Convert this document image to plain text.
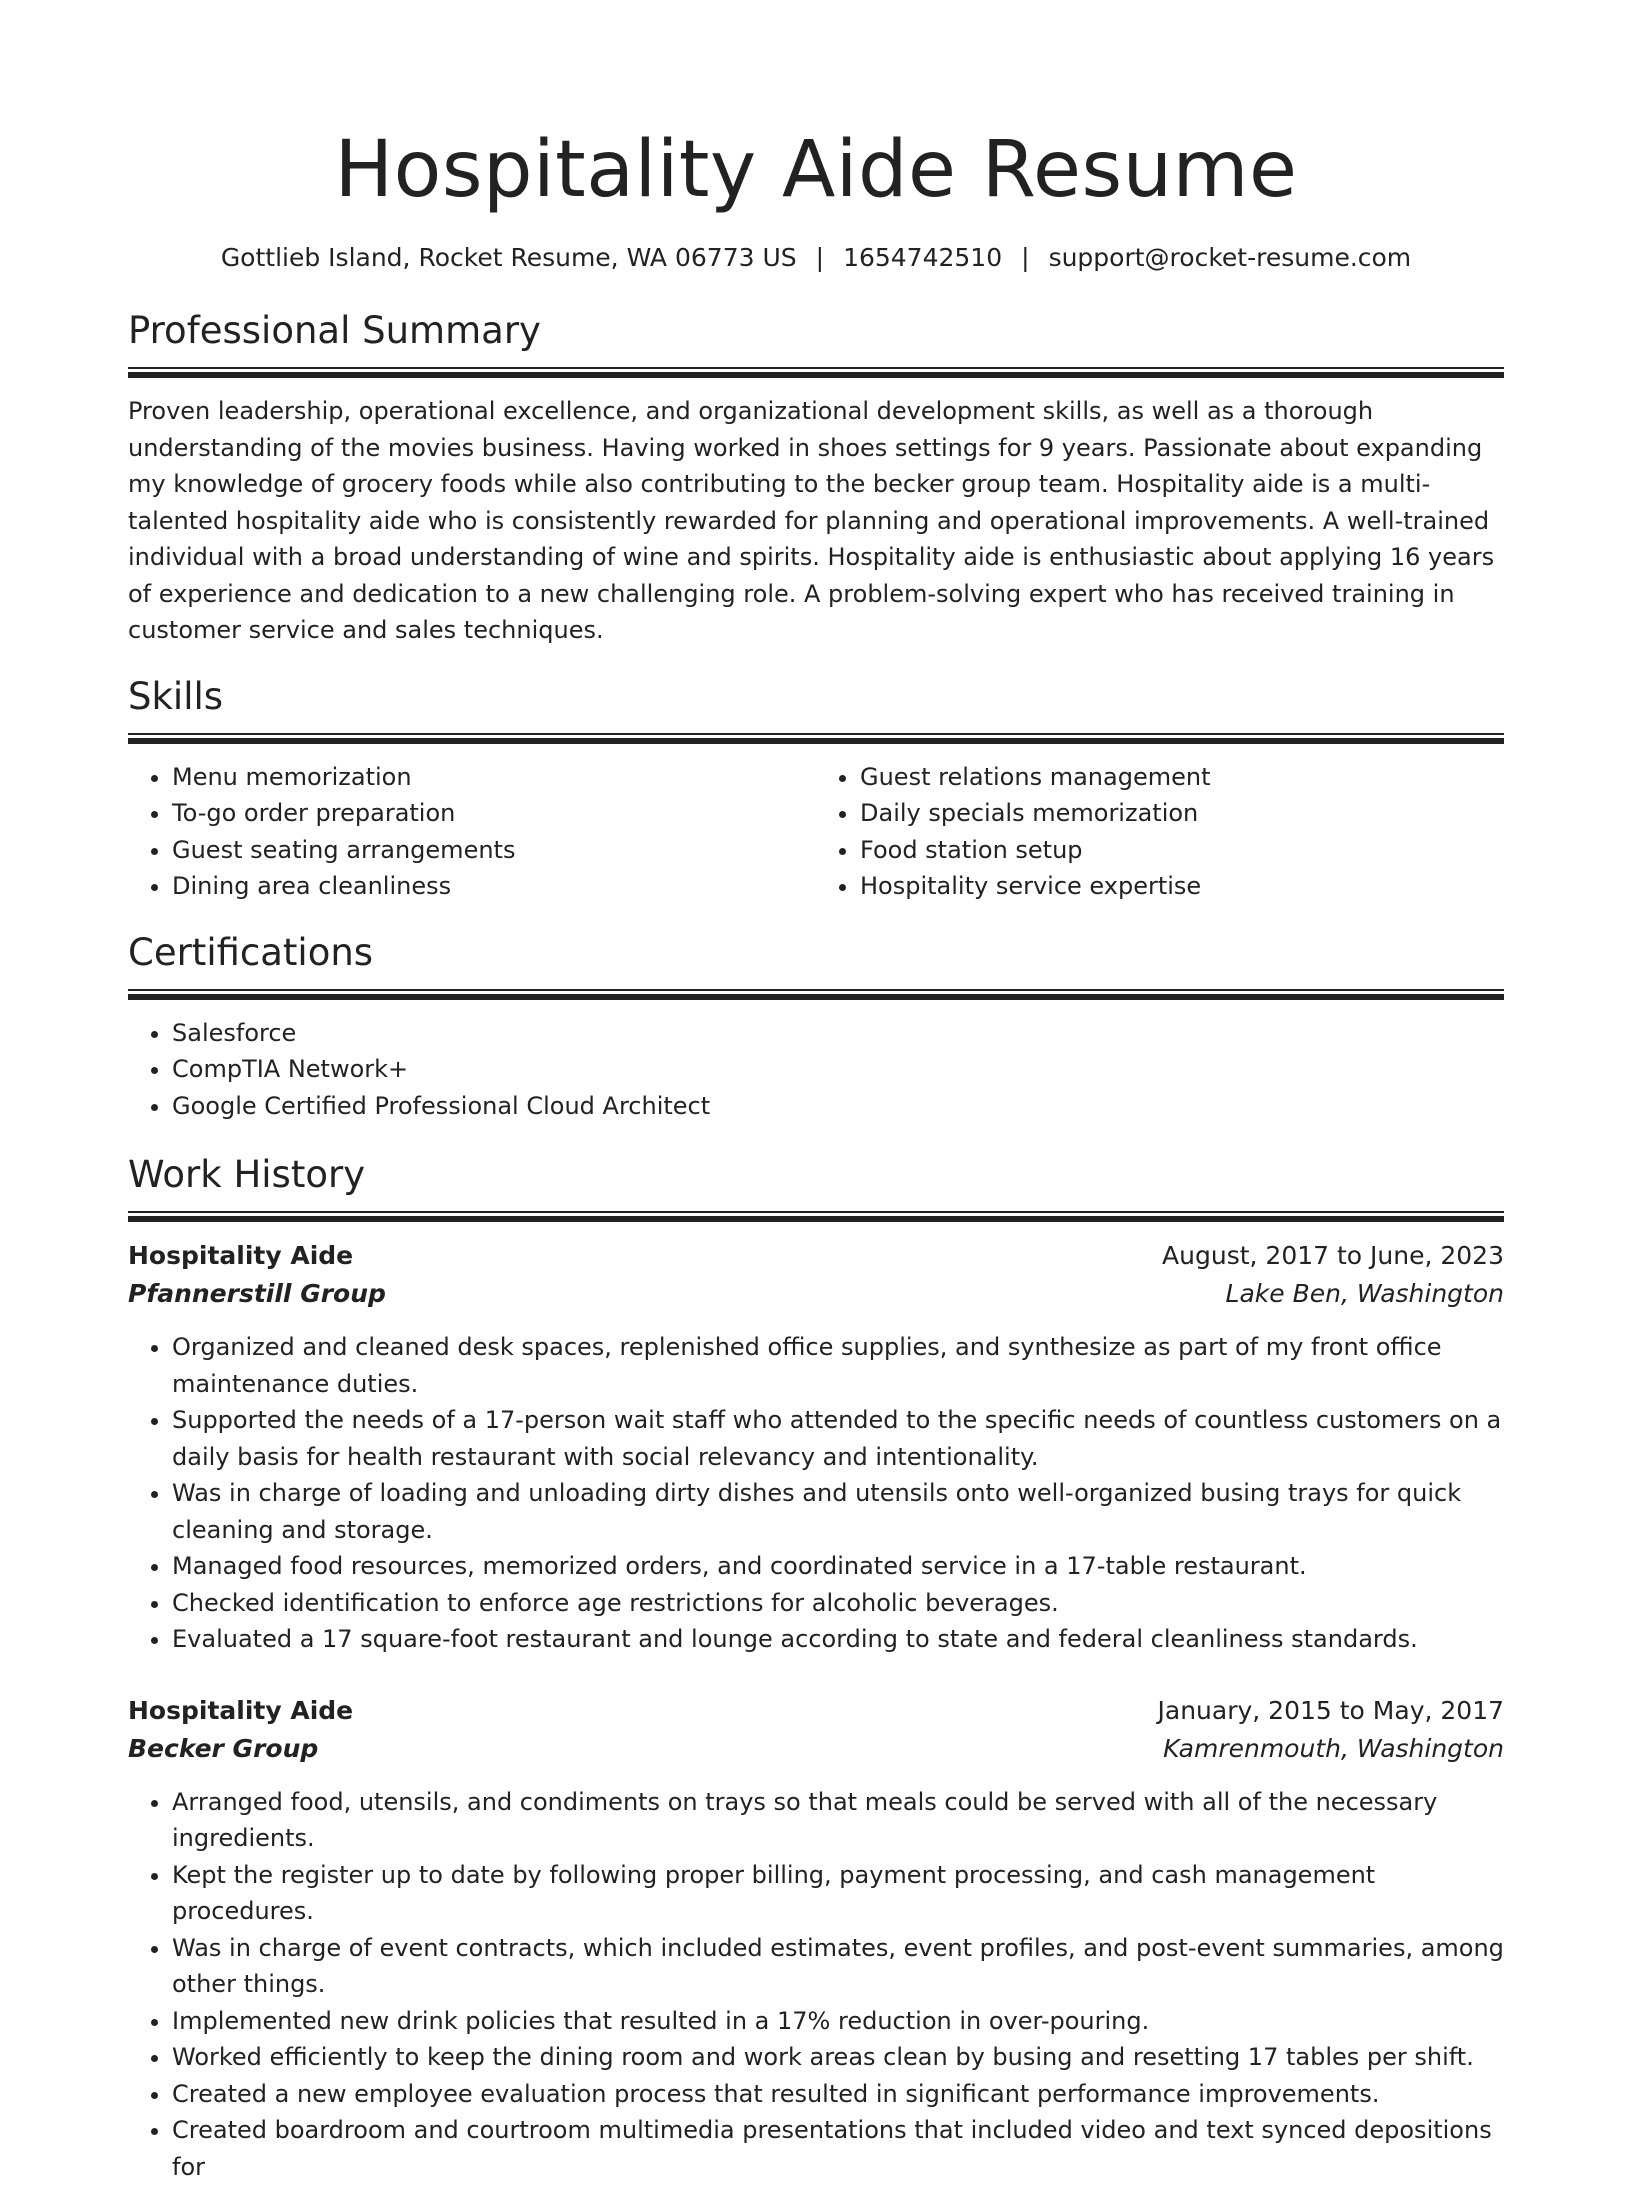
Hospitality Aide Resume
Gottlieb Island, Rocket Resume, WA 06773 US | 1654742510 | support@rocket-resume.com
Professional Summary

Proven leadership, operational excellence, and organizational development skills, as well as a thorough understanding of the movies business. Having worked in shoes settings for 9 years. Passionate about expanding my knowledge of grocery foods while also contributing to the becker group team. Hospitality aide is a multi-talented hospitality aide who is consistently rewarded for planning and operational improvements. A well-trained individual with a broad understanding of wine and spirits. Hospitality aide is enthusiastic about applying 16 years of experience and dedication to a new challenging role. A problem-solving expert who has received training in customer service and sales techniques.

Skills
• Menu memorization
• To-go order preparation
• Guest seating arrangements
• Dining area cleanliness
• Guest relations management
• Daily specials memorization
• Food station setup
• Hospitality service expertise
Certifications
• Salesforce
• CompTIA Network+
• Google Certified Professional Cloud Architect
Work History
Hospitality Aide	August, 2017 to June, 2023
Pfannerstill Group	Lake Ben, Washington
• Organized and cleaned desk spaces, replenished office supplies, and synthesize as part of my front office maintenance duties.
• Supported the needs of a 17-person wait staff who attended to the specific needs of countless customers on a daily basis for health restaurant with social relevancy and intentionality.
• Was in charge of loading and unloading dirty dishes and utensils onto well-organized busing trays for quick cleaning and storage.
• Managed food resources, memorized orders, and coordinated service in a 17-table restaurant.
• Checked identification to enforce age restrictions for alcoholic beverages.
• Evaluated a 17 square-foot restaurant and lounge according to state and federal cleanliness standards.
Hospitality Aide	January, 2015 to May, 2017
Becker Group	Kamrenmouth, Washington
• Arranged food, utensils, and condiments on trays so that meals could be served with all of the necessary ingredients.
• Kept the register up to date by following proper billing, payment processing, and cash management procedures.
• Was in charge of event contracts, which included estimates, event profiles, and post-event summaries, among other things.
• Implemented new drink policies that resulted in a 17% reduction in over-pouring.
• Worked efficiently to keep the dining room and work areas clean by busing and resetting 17 tables per shift.
• Created a new employee evaluation process that resulted in significant performance improvements.
• Created boardroom and courtroom multimedia presentations that included video and text synced depositions for
